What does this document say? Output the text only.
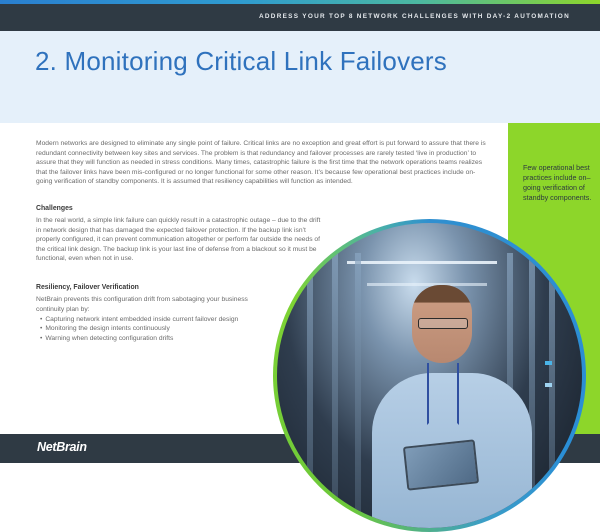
ADDRESS YOUR TOP 8 NETWORK CHALLENGES WITH DAY-2 AUTOMATION
2. Monitoring Critical Link Failovers
Few operational best practices include on–going verification of standby components.

Modern networks are designed to eliminate any single point of failure. Critical links are no exception and great effort is put forward to assure that there is redundant connectivity between key sites and services. The problem is that redundancy and failover processes are rarely tested ‘live in production’ to assure that they will function as needed in stress conditions. Many times, catastrophic failure is the first time that the network operations teams realizes that the failover links have been mis-configured or no longer functional for some other reason. It’s because few operational best practices include on-going verification of standby components. It is assumed that resiliency capabilities will function as intended.

Challenges

In the real world, a simple link failure can quickly result in a catastrophic outage – due to the drift in network design that has damaged the expected failover protection. If the backup link isn’t properly configured, it can prevent communication altogether or perform far outside the needs of the critical link design. The backup link is your last line of defense from a blackout so it must be functional, even when not in use.

Resiliency, Failover Verification

NetBrain prevents this configuration drift from sabotaging your business continuity plan by:

• Capturing network intent embedded inside current failover design
• Monitoring the design intents continuously
• Warning when detecting configuration drifts
NetBrain
